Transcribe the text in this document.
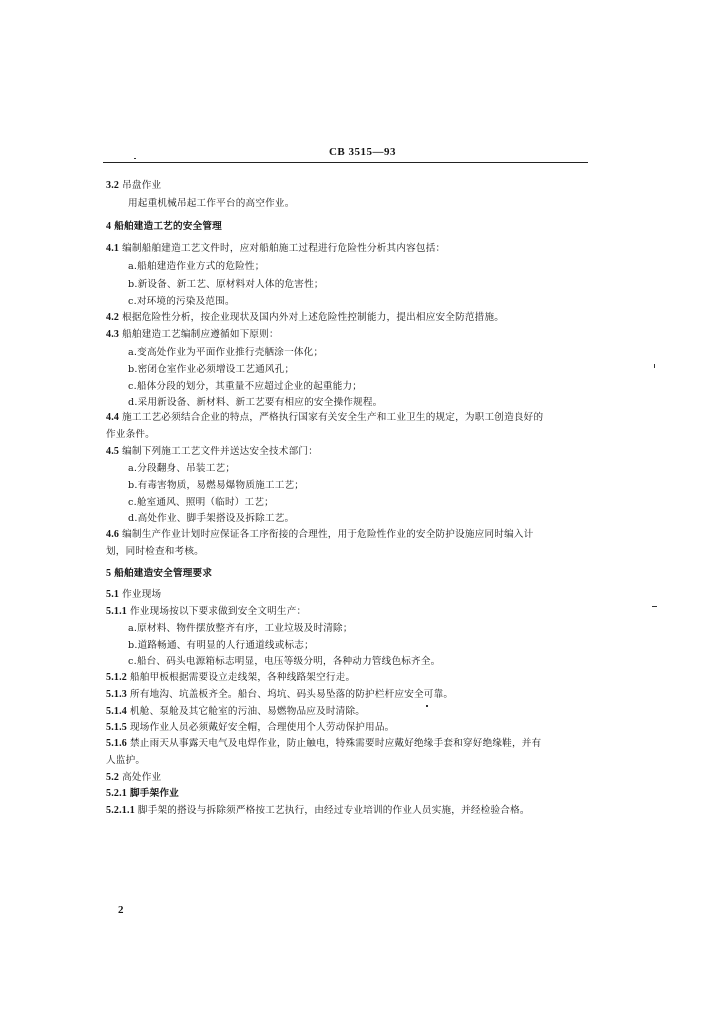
CB 3515—93
3.2 吊盘作业
用起重机械吊起工作平台的高空作业。
4 船舶建造工艺的安全管理
4.1 编制船舶建造工艺文件时，应对船舶施工过程进行危险性分析其内容包括：
a.船舶建造作业方式的危险性；
b.新设备、新工艺、原材料对人体的危害性；
c.对环境的污染及范围。
4.2 根据危险性分析，按企业现状及国内外对上述危险性控制能力，提出相应安全防范措施。
4.3 船舶建造工艺编制应遵循如下原则：
a.变高处作业为平面作业推行壳舾涂一体化；
b.密闭仓室作业必须增设工艺通风孔；
c.船体分段的划分，其重量不应超过企业的起重能力；
d.采用新设备、新材料、新工艺要有相应的安全操作规程。
4.4 施工工艺必须结合企业的特点，严格执行国家有关安全生产和工业卫生的规定，为职工创造良好的
作业条件。
4.5 编制下列施工工艺文件并送达安全技术部门：
a.分段翻身、吊装工艺；
b.有毒害物质，易燃易爆物质施工工艺；
c.舱室通风、照明（临时）工艺；
d.高处作业、脚手架搭设及拆除工艺。
4.6 编制生产作业计划时应保证各工序衔接的合理性，用于危险性作业的安全防护设施应同时编入计
划，同时检查和考核。
5 船舶建造安全管理要求
5.1 作业现场
5.1.1 作业现场按以下要求做到安全文明生产：
a.原材料、物件摆放整齐有序，工业垃圾及时清除；
b.道路畅通、有明显的人行通道线或标志；
c.船台、码头电源箱标志明显，电压等级分明，各种动力管线色标齐全。
5.1.2 船舶甲板根据需要设立走线架，各种线路架空行走。
5.1.3 所有地沟、坑盖板齐全。船台、坞坑、码头易坠落的防护栏杆应安全可靠。
5.1.4 机舱、泵舱及其它舱室的污油、易燃物品应及时清除。
5.1.5 现场作业人员必须戴好安全帽，合理使用个人劳动保护用品。
5.1.6 禁止雨天从事露天电气及电焊作业，防止触电，特殊需要时应戴好绝缘手套和穿好绝缘鞋，并有
人监护。
5.2 高处作业
5.2.1 脚手架作业
5.2.1.1 脚手架的搭设与拆除须严格按工艺执行，由经过专业培训的作业人员实施，并经检验合格。
2
